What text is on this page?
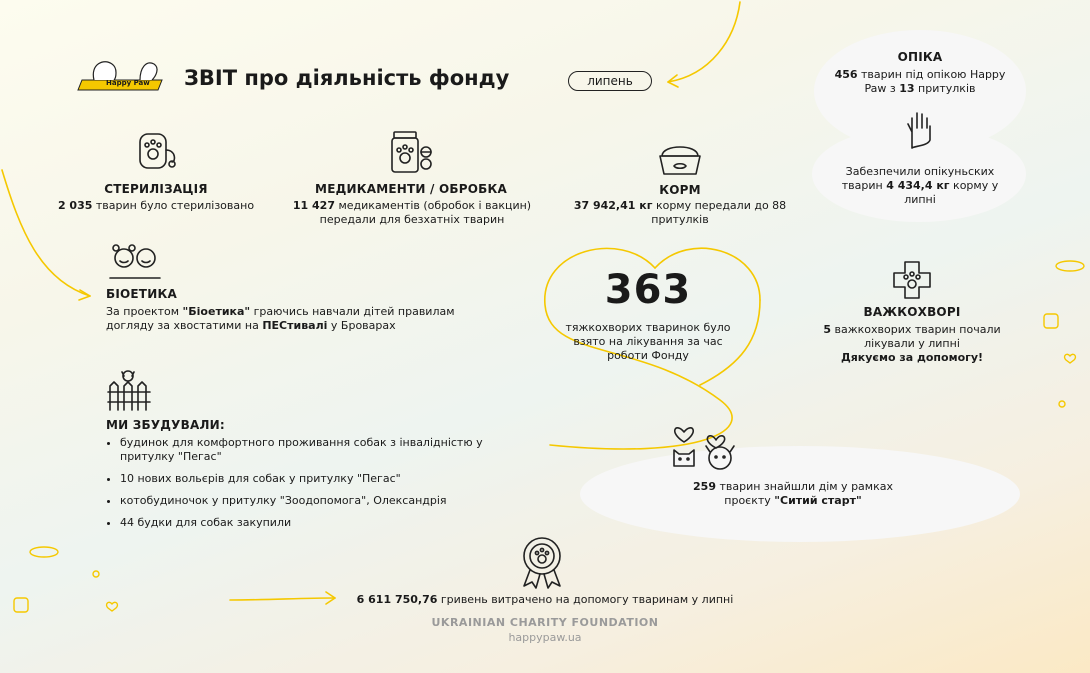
Happy Paw ЗВІТ про діяльність фонду	липень
ОПІКА
456 тварин під опікою Happy Paw з 13 притулків
Забезпечили опікуньских тварин 4 434,4 кг корму у липні
СТЕРИЛІЗАЦІЯ
2 035 тварин було стерилізовано
МЕДИКАМЕНТИ / ОБРОБКА
11 427 медикаментів (обробок і вакцин) передали для безхатніх тварин
КОРМ
37 942,41 кг корму передали до 88 притулків
БІОЕТИКА
За проектом "Біоетика" граючись навчали дітей правилам догляду за хвостатими на ПЕСтивалі у Броварах
363
тяжкохворих тваринок було взято на лікування за час роботи Фонду
ВАЖКОХВОРІ
5 важкохворих тварин почали лікували у липні
Дякуємо за допомогу!
МИ ЗБУДУВАЛИ:
• будинок для комфортного проживання собак з інвалідністю у притулку "Пегас"
• 10 нових вольєрів для собак у притулку "Пегас"
• котобудиночок у притулку "Зоодопомога", Олександрія
• 44 будки для собак закупили
259 тварин знайшли дім у рамках проєкту "Ситий старт"
6 611 750,76 гривень витрачено на допомогу тваринам у липні
UKRAINIAN CHARITY FOUNDATION
happypaw.ua
